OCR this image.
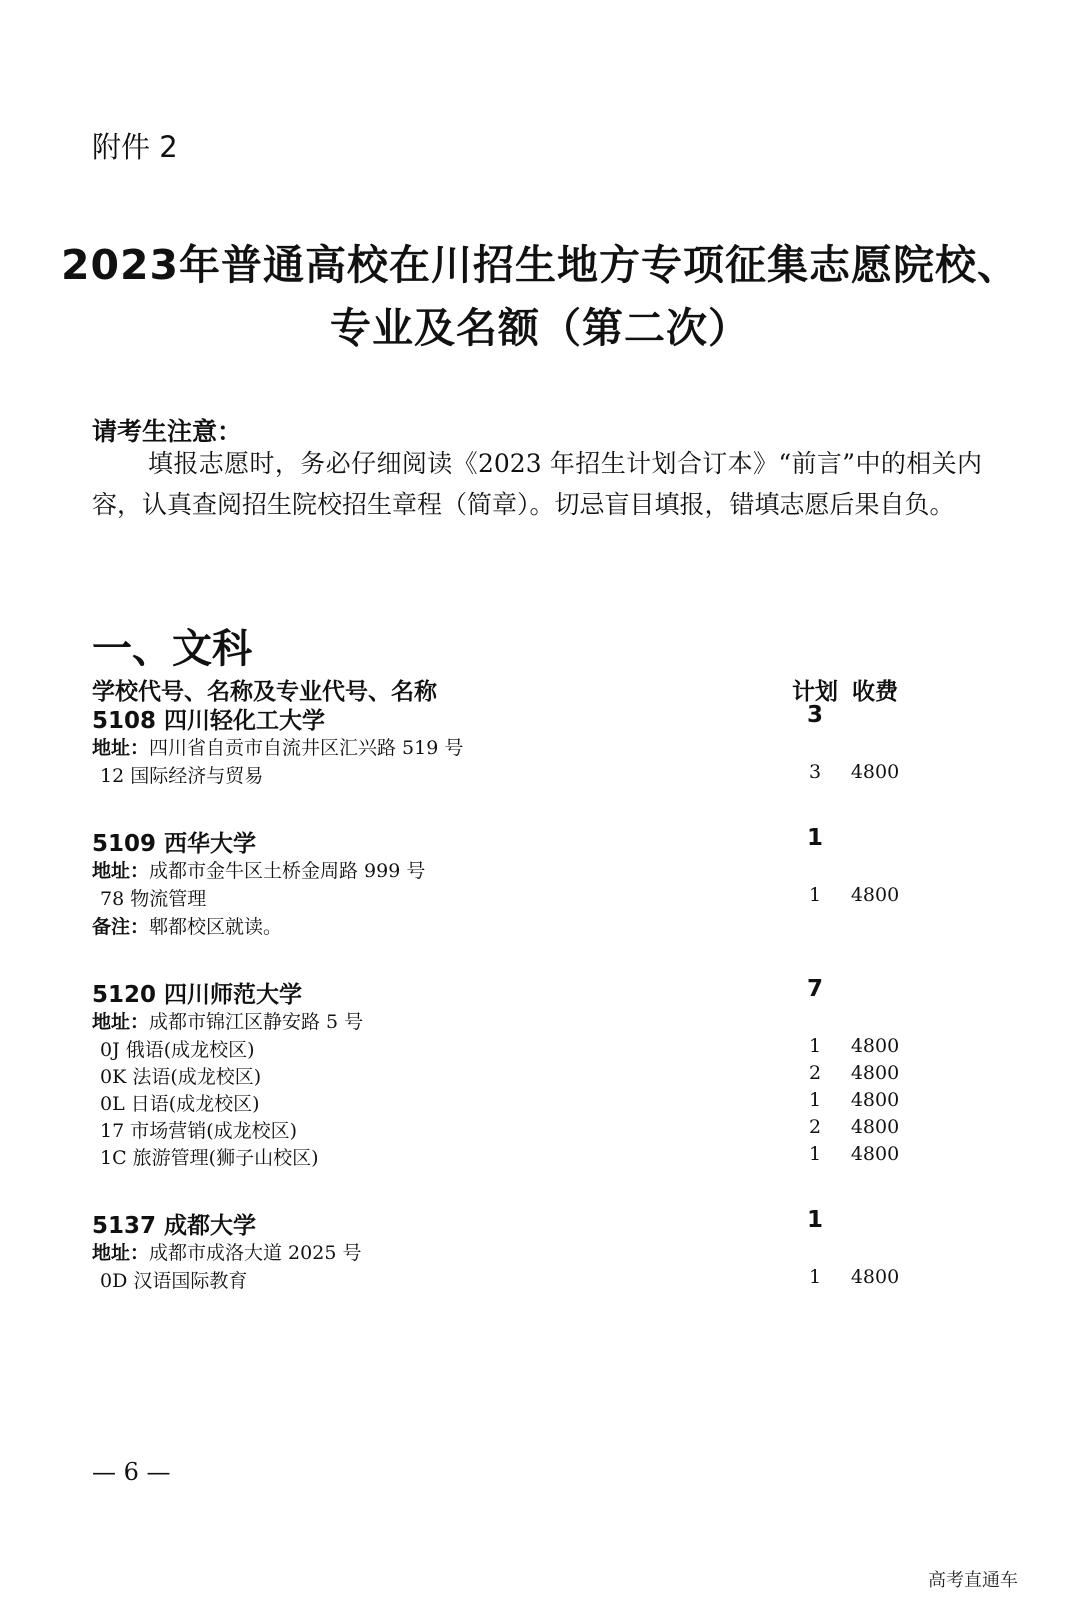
附件 2
2023年普通高校在川招生地方专项征集志愿院校、
专业及名额（第二次）
请考生注意：
填报志愿时，务必仔细阅读《2023 年招生计划合订本》“前言”中的相关内容，认真查阅招生院校招生章程（简章）。切忌盲目填报，错填志愿后果自负。
一、文科
学校代号、名称及专业代号、名称	计划 收费
5108 四川轻化工大学	3
地址：四川省自贡市自流井区汇兴路 519 号
12 国际经济与贸易	3	4800
5109 西华大学	1
地址：成都市金牛区土桥金周路 999 号
78 物流管理	1	4800
备注：郫都校区就读。
5120 四川师范大学	7
地址：成都市锦江区静安路 5 号
0J 俄语(成龙校区)	1	4800
0K 法语(成龙校区)	2	4800
0L 日语(成龙校区)	1	4800
17 市场营销(成龙校区)	2	4800
1C 旅游管理(狮子山校区)	1	4800
5137 成都大学	1
地址：成都市成洛大道 2025 号
0D 汉语国际教育	1	4800
— 6 —
高考直通车
